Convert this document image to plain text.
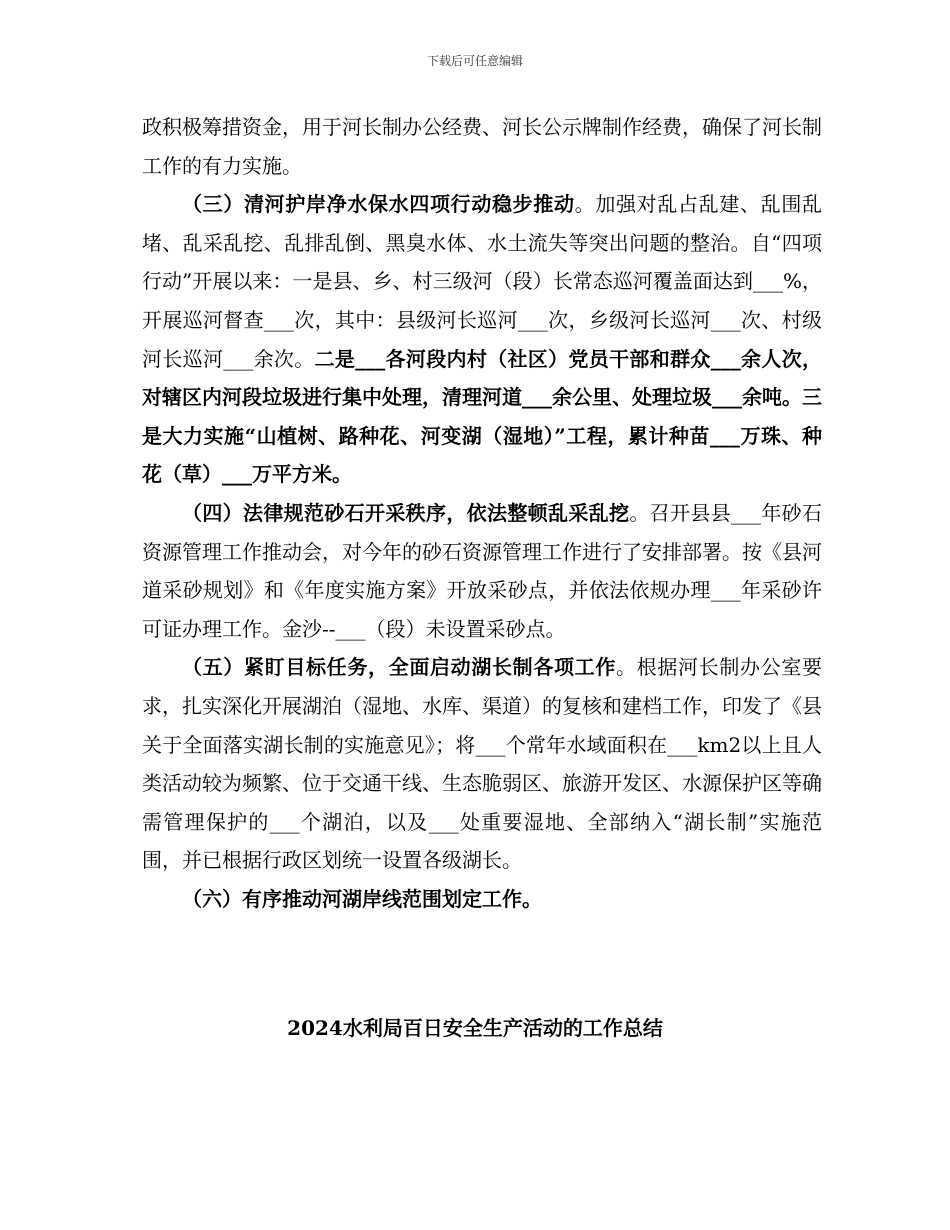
下载后可任意编辑

政积极筹措资金，用于河长制办公经费、河长公示牌制作经费，确保了河长制工作的有力实施。

（三）清河护岸净水保水四项行动稳步推动。加强对乱占乱建、乱围乱堵、乱采乱挖、乱排乱倒、黑臭水体、水土流失等突出问题的整治。自“四项行动”开展以来：一是县、乡、村三级河（段）长常态巡河覆盖面达到___%，开展巡河督查___次，其中：县级河长巡河___次，乡级河长巡河___次、村级河长巡河___余次。二是___各河段内村（社区）党员干部和群众___余人次，对辖区内河段垃圾进行集中处理，清理河道___余公里、处理垃圾___余吨。三是大力实施“山植树、路种花、河变湖（湿地）”工程，累计种苗___万珠、种花（草）___万平方米。

（四）法律规范砂石开采秩序，依法整顿乱采乱挖。召开县县___年砂石资源管理工作推动会，对今年的砂石资源管理工作进行了安排部署。按《县河道采砂规划》和《年度实施方案》开放采砂点，并依法依规办理___年采砂许可证办理工作。金沙--___（段）未设置采砂点。

（五）紧盯目标任务，全面启动湖长制各项工作。根据河长制办公室要求，扎实深化开展湖泊（湿地、水库、渠道）的复核和建档工作，印发了《县关于全面落实湖长制的实施意见》；将___个常年水域面积在___km2以上且人类活动较为频繁、位于交通干线、生态脆弱区、旅游开发区、水源保护区等确需管理保护的___个湖泊，以及___处重要湿地、全部纳入“湖长制”实施范围，并已根据行政区划统一设置各级湖长。

（六）有序推动河湖岸线范围划定工作。

2024水利局百日安全生产活动的工作总结
